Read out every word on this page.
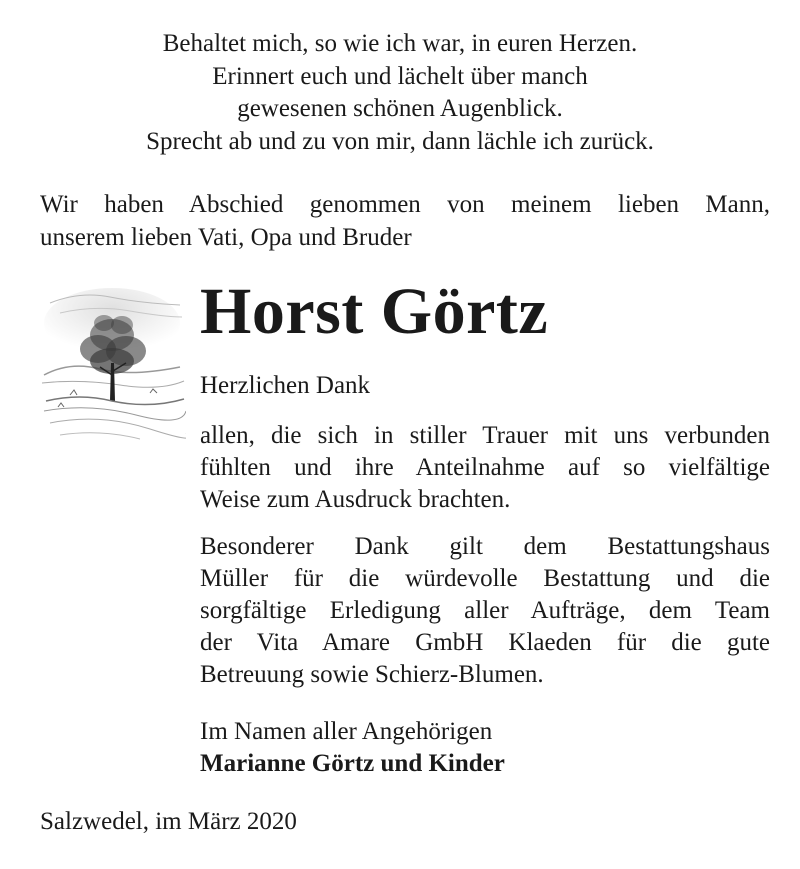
Behaltet mich, so wie ich war, in euren Herzen.
Erinnert euch und lächelt über manch
gewesenen schönen Augenblick.
Sprecht ab und zu von mir, dann lächle ich zurück.
Wir haben Abschied genommen von meinem lieben Mann,
unserem lieben Vati, Opa und Bruder
Horst Görtz
Herzlichen Dank
allen, die sich in stiller Trauer mit uns verbunden
fühlten und ihre Anteilnahme auf so vielfältige
Weise zum Ausdruck brachten.
Besonderer Dank gilt dem Bestattungshaus
Müller für die würdevolle Bestattung und die
sorgfältige Erledigung aller Aufträge, dem Team
der Vita Amare GmbH Klaeden für die gute
Betreuung sowie Schierz-Blumen.
Im Namen aller Angehörigen
Marianne Görtz und Kinder
Salzwedel, im März 2020
